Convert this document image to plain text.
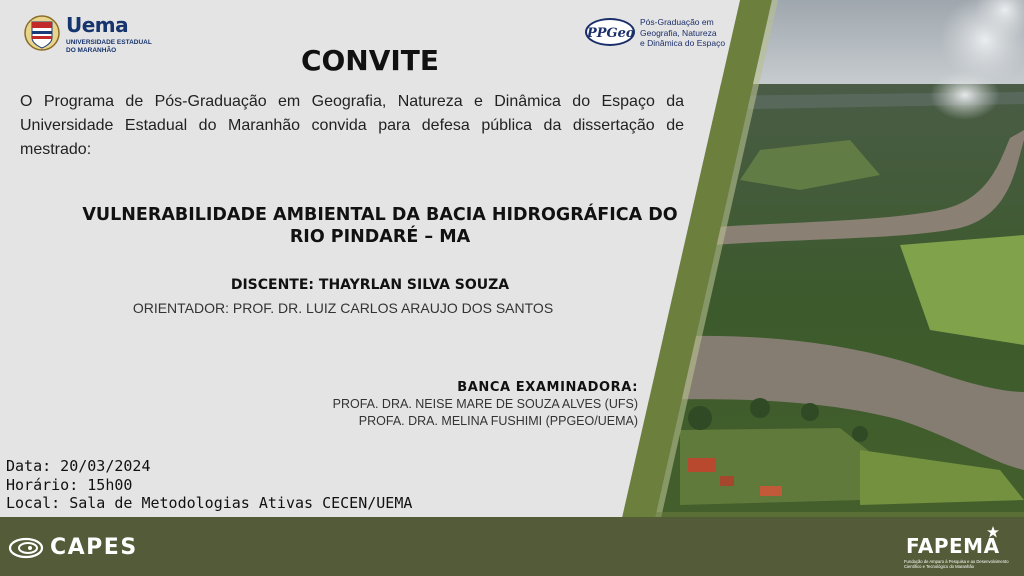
Uema
UNIVERSIDADE ESTADUAL
DO MARANHÃO
PPGeo
Pós-Graduação em
Geografia, Natureza
e Dinâmica do Espaço
CONVITE
O Programa de Pós-Graduação em Geografia, Natureza e Dinâmica do Espaço da Universidade Estadual do Maranhão convida para defesa pública da dissertação de mestrado:
VULNERABILIDADE AMBIENTAL DA BACIA HIDROGRÁFICA DO
RIO PINDARÉ – MA
DISCENTE: THAYRLAN SILVA SOUZA
ORIENTADOR: PROF. DR. LUIZ CARLOS ARAUJO DOS SANTOS
BANCA EXAMINADORA:
PROFA. DRA. NEISE MARE DE SOUZA ALVES (UFS)
PROFA. DRA. MELINA FUSHIMI (PPGEO/UEMA)
Data: 20/03/2024
Horário: 15h00
Local: Sala de Metodologias Ativas CECEN/UEMA
CAPES	FAPEMA
Fundação de Amparo à Pesquisa e ao Desenvolvimento Científico e Tecnológico do Maranhão
